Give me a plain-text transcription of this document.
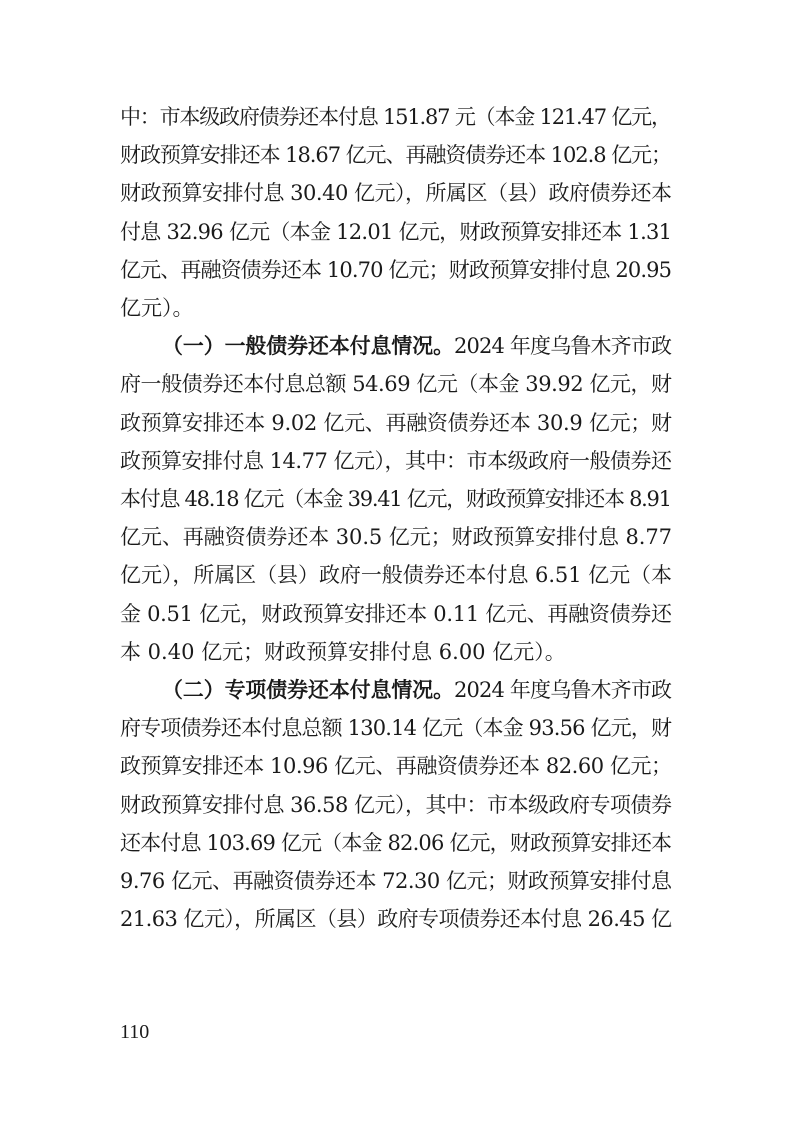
中：市本级政府债券还本付息 151.87 元（本金 121.47 亿元，
财政预算安排还本 18.67 亿元、再融资债券还本 102.8 亿元；
财政预算安排付息 30.40 亿元），所属区（县）政府债券还本
付息 32.96 亿元（本金 12.01 亿元，财政预算安排还本 1.31
亿元、再融资债券还本 10.70 亿元；财政预算安排付息 20.95
亿元）。
（一）一般债券还本付息情况。 2024 年度乌鲁木齐市政
府一般债券还本付息总额 54.69 亿元（本金 39.92 亿元，财
政预算安排还本 9.02 亿元、再融资债券还本 30.9 亿元；财
政预算安排付息 14.77 亿元），其中：市本级政府一般债券还
本付息 48.18 亿元（本金 39.41 亿元，财政预算安排还本 8.91
亿元、再融资债券还本 30.5 亿元；财政预算安排付息 8.77
亿元），所属区（县）政府一般债券还本付息 6.51 亿元（本
金 0.51 亿元，财政预算安排还本 0.11 亿元、再融资债券还
本 0.40 亿元；财政预算安排付息 6.00 亿元）。
（二）专项债券还本付息情况。 2024 年度乌鲁木齐市政
府专项债券还本付息总额 130.14 亿元（本金 93.56 亿元，财
政预算安排还本 10.96 亿元、再融资债券还本 82.60 亿元；
财政预算安排付息 36.58 亿元），其中：市本级政府专项债券
还本付息 103.69 亿元（本金 82.06 亿元，财政预算安排还本
9.76 亿元、再融资债券还本 72.30 亿元；财政预算安排付息
21.63 亿元），所属区（县）政府专项债券还本付息 26.45 亿
110
